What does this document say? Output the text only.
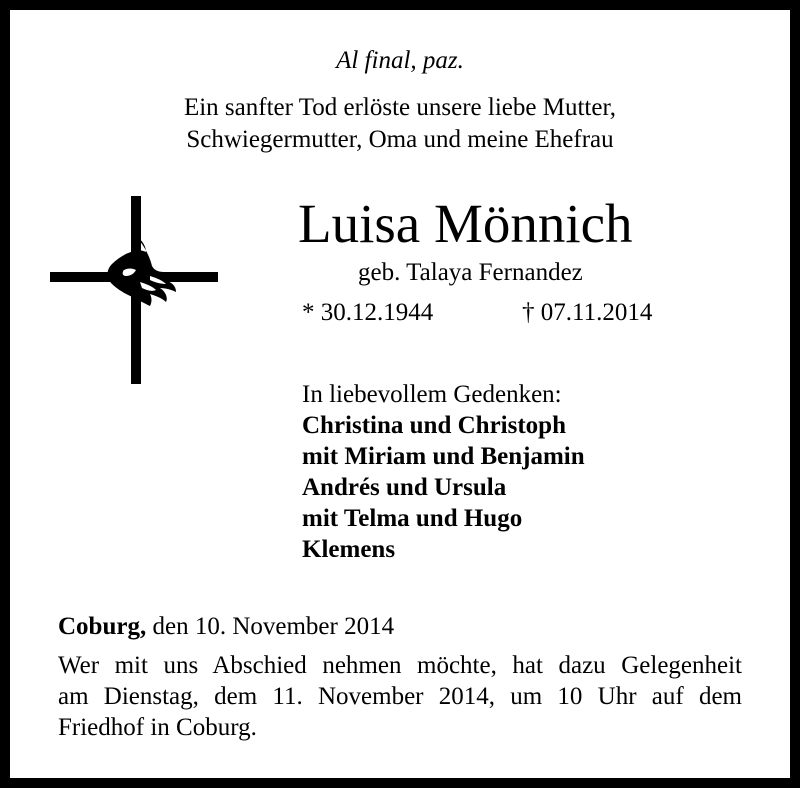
Al final, paz.
Ein sanfter Tod erlöste unsere liebe Mutter,
Schwiegermutter, Oma und meine Ehefrau
Luisa Mönnich
geb. Talaya Fernandez
* 30.12.1944	† 07.11.2014
In liebevollem Gedenken:
Christina und Christoph
mit Miriam und Benjamin
Andrés und Ursula
mit Telma und Hugo
Klemens
Coburg, den 10. November 2014
Wer mit uns Abschied nehmen möchte, hat dazu Gelegenheit
am Dienstag, dem 11. November 2014, um 10 Uhr auf dem
Friedhof in Coburg.
